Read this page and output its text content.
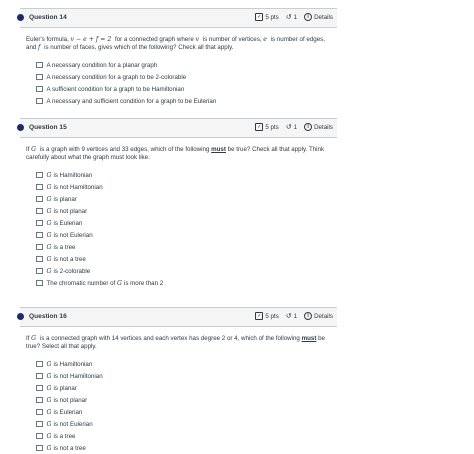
Question 14	✓ 5 pts ↺ 1	i Details
Euler's formula, v − e + f = 2 for a connected graph where v is number of vertices, e is number of edges, and f is number of faces, gives which of the following? Check all that apply.
A necessary condition for a planar graph
A necessary condition for a graph to be 2-colorable
A sufficient condition for a graph to be Hamiltonian
A necessary and sufficient condition for a graph to be Eulerian
Question 15	✓ 5 pts ↺ 1	i Details
If G is a graph with 9 vertices and 33 edges, which of the following must be true? Check all that apply. Think carefully about what the graph must look like.
G is Hamiltonian
G is not Hamiltonian
G is planar
G is not planar
G is Eulerian
G is not Eulerian
G is a tree
G is not a tree
G is 2-colorable
The chromatic number of
G is more than 2
Question 16	✓ 5 pts ↺ 1	i Details
If G is a connected graph with 14 vertices and each vertex has degree 2 or 4, which of the following must be true? Select all that apply.
G is Hamiltonian
G is not Hamiltonian
G is planar
G is not planar
G is Eulerian
G is not Eulerian
G is a tree
G is not a tree
